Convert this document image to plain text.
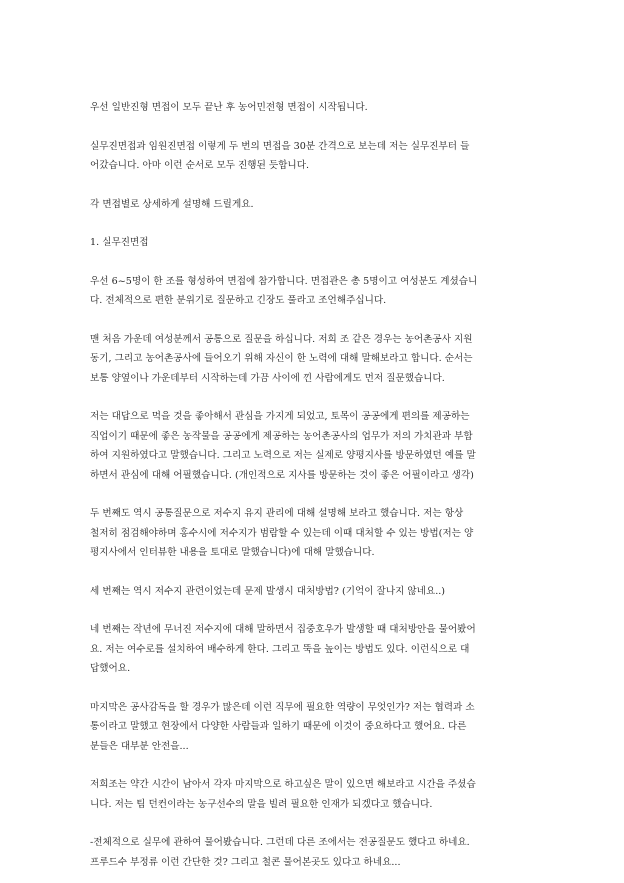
우선 일반진형 면접이 모두 끝난 후 농어민전형 면접이 시작됩니다.

실무진면접과 임원진면접 이렇게 두 번의 면접을 30분 간격으로 보는데 저는 실무진부터 들
어갔습니다. 아마 이런 순서로 모두 진행된 듯합니다.

각 면접별로 상세하게 설명해 드릴게요.

1. 실무진면접

우선 6~5명이 한 조를 형성하여 면접에 참가합니다. 면접관은 총 5명이고 여성분도 계셨습니
다. 전체적으로 편한 분위기로 질문하고 긴장도 풀라고 조언해주십니다.

맨 처음 가운데 여성분께서 공통으로 질문을 하십니다. 저희 조 같은 경우는 농어촌공사 지원
동기, 그리고 농어촌공사에 들어오기 위해 자신이 한 노력에 대해 말해보라고 합니다. 순서는
보통 양옆이나 가운데부터 시작하는데 가끔 사이에 낀 사람에게도 먼저 질문했습니다.

저는 대답으로 먹을 것을 좋아해서 관심을 가지게 되었고, 토목이 공공에게 편의를 제공하는
직업이기 때문에 좋은 농작물을 공공에게 제공하는 농어촌공사의 업무가 저의 가치관과 부합
하여 지원하였다고 말했습니다. 그리고 노력으로 저는 실제로 양평지사를 방문하였던 예를 말
하면서 관심에 대해 어필했습니다. (개인적으로 지사를 방문하는 것이 좋은 어필이라고 생각)

두 번째도 역시 공통질문으로 저수지 유지 관리에 대해 설명해 보라고 했습니다. 저는 항상
철저히 점검해야하며 홍수시에 저수지가 범람할 수 있는데 이때 대처할 수 있는 방법(저는 양
평지사에서 인터뷰한 내용을 토대로 말했습니다)에 대해 말했습니다.

세 번째는 역시 저수지 관련이었는데 문제 발생시 대처방법? (기억이 잘나지 않네요..)

네 번째는 작년에 무너진 저수지에 대해 말하면서 집중호우가 발생할 때 대처방안을 물어봤어
요. 저는 여수로를 설치하여 배수하게 한다. 그리고 뚝을 높이는 방법도 있다. 이런식으로 대
답했어요.

마지막은 공사감독을 할 경우가 많은데 이런 직무에 필요한 역량이 무엇인가? 저는 협력과 소
통이라고 말했고 현장에서 다양한 사람들과 일하기 때문에 이것이 중요하다고 했어요. 다른
분들은 대부분 안전을...

저희조는 약간 시간이 남아서 각자 마지막으로 하고싶은 말이 있으면 해보라고 시간을 주셨습
니다. 저는 팀 던컨이라는 농구선수의 말을 빌려 필요한 인재가 되겠다고 했습니다.

-전체적으로 실무에 관하여 물어봤습니다. 그런데 다른 조에서는 전공질문도 했다고 하네요.
프루드수 부정류 이런 간단한 것? 그리고 철콘 물어본곳도 있다고 하네요...
